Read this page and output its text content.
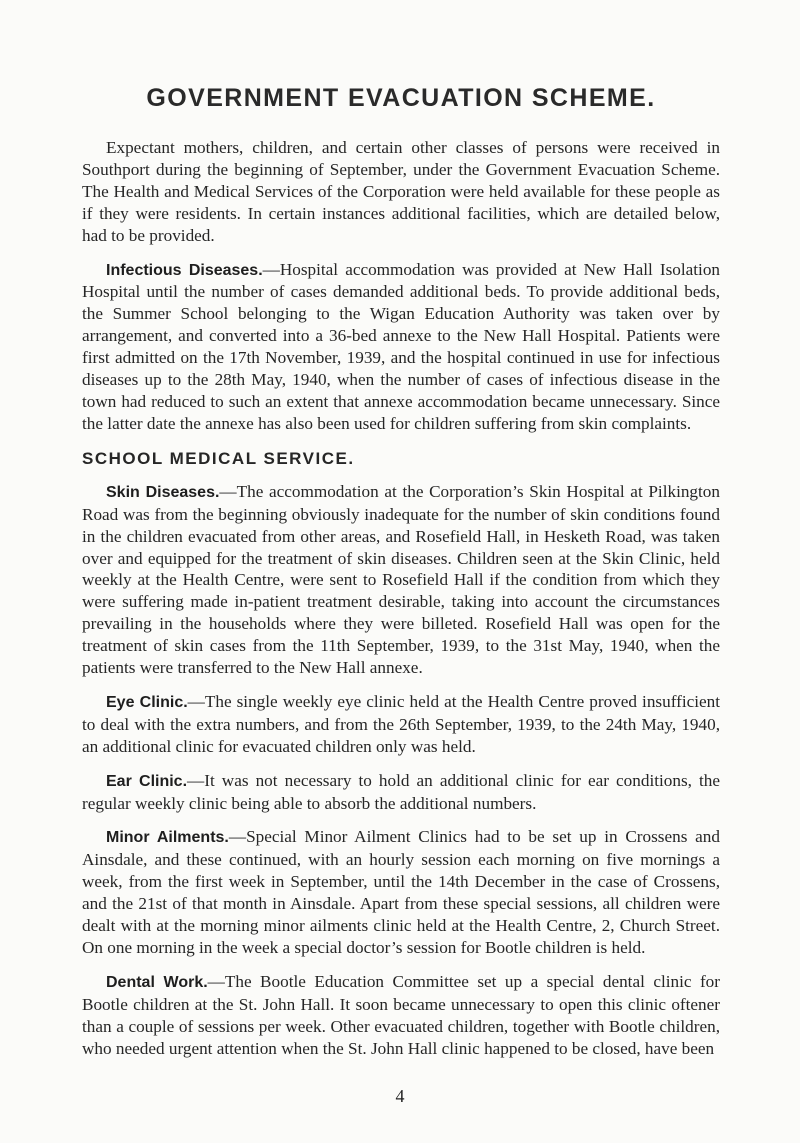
GOVERNMENT EVACUATION SCHEME.

Expectant mothers, children, and certain other classes of persons were received in Southport during the beginning of September, under the Government Evacuation Scheme. The Health and Medical Services of the Corporation were held available for these people as if they were residents. In certain instances additional facilities, which are detailed below, had to be provided.

Infectious Diseases.—Hospital accommodation was provided at New Hall Isolation Hospital until the number of cases demanded additional beds. To provide additional beds, the Summer School belonging to the Wigan Education Authority was taken over by arrangement, and converted into a 36-bed annexe to the New Hall Hospital. Patients were first admitted on the 17th November, 1939, and the hospital continued in use for infectious diseases up to the 28th May, 1940, when the number of cases of infectious disease in the town had reduced to such an extent that annexe accommodation became unnecessary. Since the latter date the annexe has also been used for children suffering from skin complaints.

SCHOOL MEDICAL SERVICE.

Skin Diseases.—The accommodation at the Corporation’s Skin Hospital at Pilkington Road was from the beginning obviously inadequate for the number of skin conditions found in the children evacuated from other areas, and Rosefield Hall, in Hesketh Road, was taken over and equipped for the treatment of skin diseases. Children seen at the Skin Clinic, held weekly at the Health Centre, were sent to Rosefield Hall if the condition from which they were suffering made in-patient treatment desirable, taking into account the circumstances prevailing in the households where they were billeted. Rosefield Hall was open for the treatment of skin cases from the 11th September, 1939, to the 31st May, 1940, when the patients were transferred to the New Hall annexe.

Eye Clinic.—The single weekly eye clinic held at the Health Centre proved insufficient to deal with the extra numbers, and from the 26th September, 1939, to the 24th May, 1940, an additional clinic for evacuated children only was held.

Ear Clinic.—It was not necessary to hold an additional clinic for ear conditions, the regular weekly clinic being able to absorb the additional numbers.

Minor Ailments.—Special Minor Ailment Clinics had to be set up in Crossens and Ainsdale, and these continued, with an hourly session each morning on five mornings a week, from the first week in September, until the 14th December in the case of Crossens, and the 21st of that month in Ainsdale. Apart from these special sessions, all children were dealt with at the morning minor ailments clinic held at the Health Centre, 2, Church Street. On one morning in the week a special doctor’s session for Bootle children is held.

Dental Work.—The Bootle Education Committee set up a special dental clinic for Bootle children at the St. John Hall. It soon became unnecessary to open this clinic oftener than a couple of sessions per week. Other evacuated children, together with Bootle children, who needed urgent attention when the St. John Hall clinic happened to be closed, have been

4
